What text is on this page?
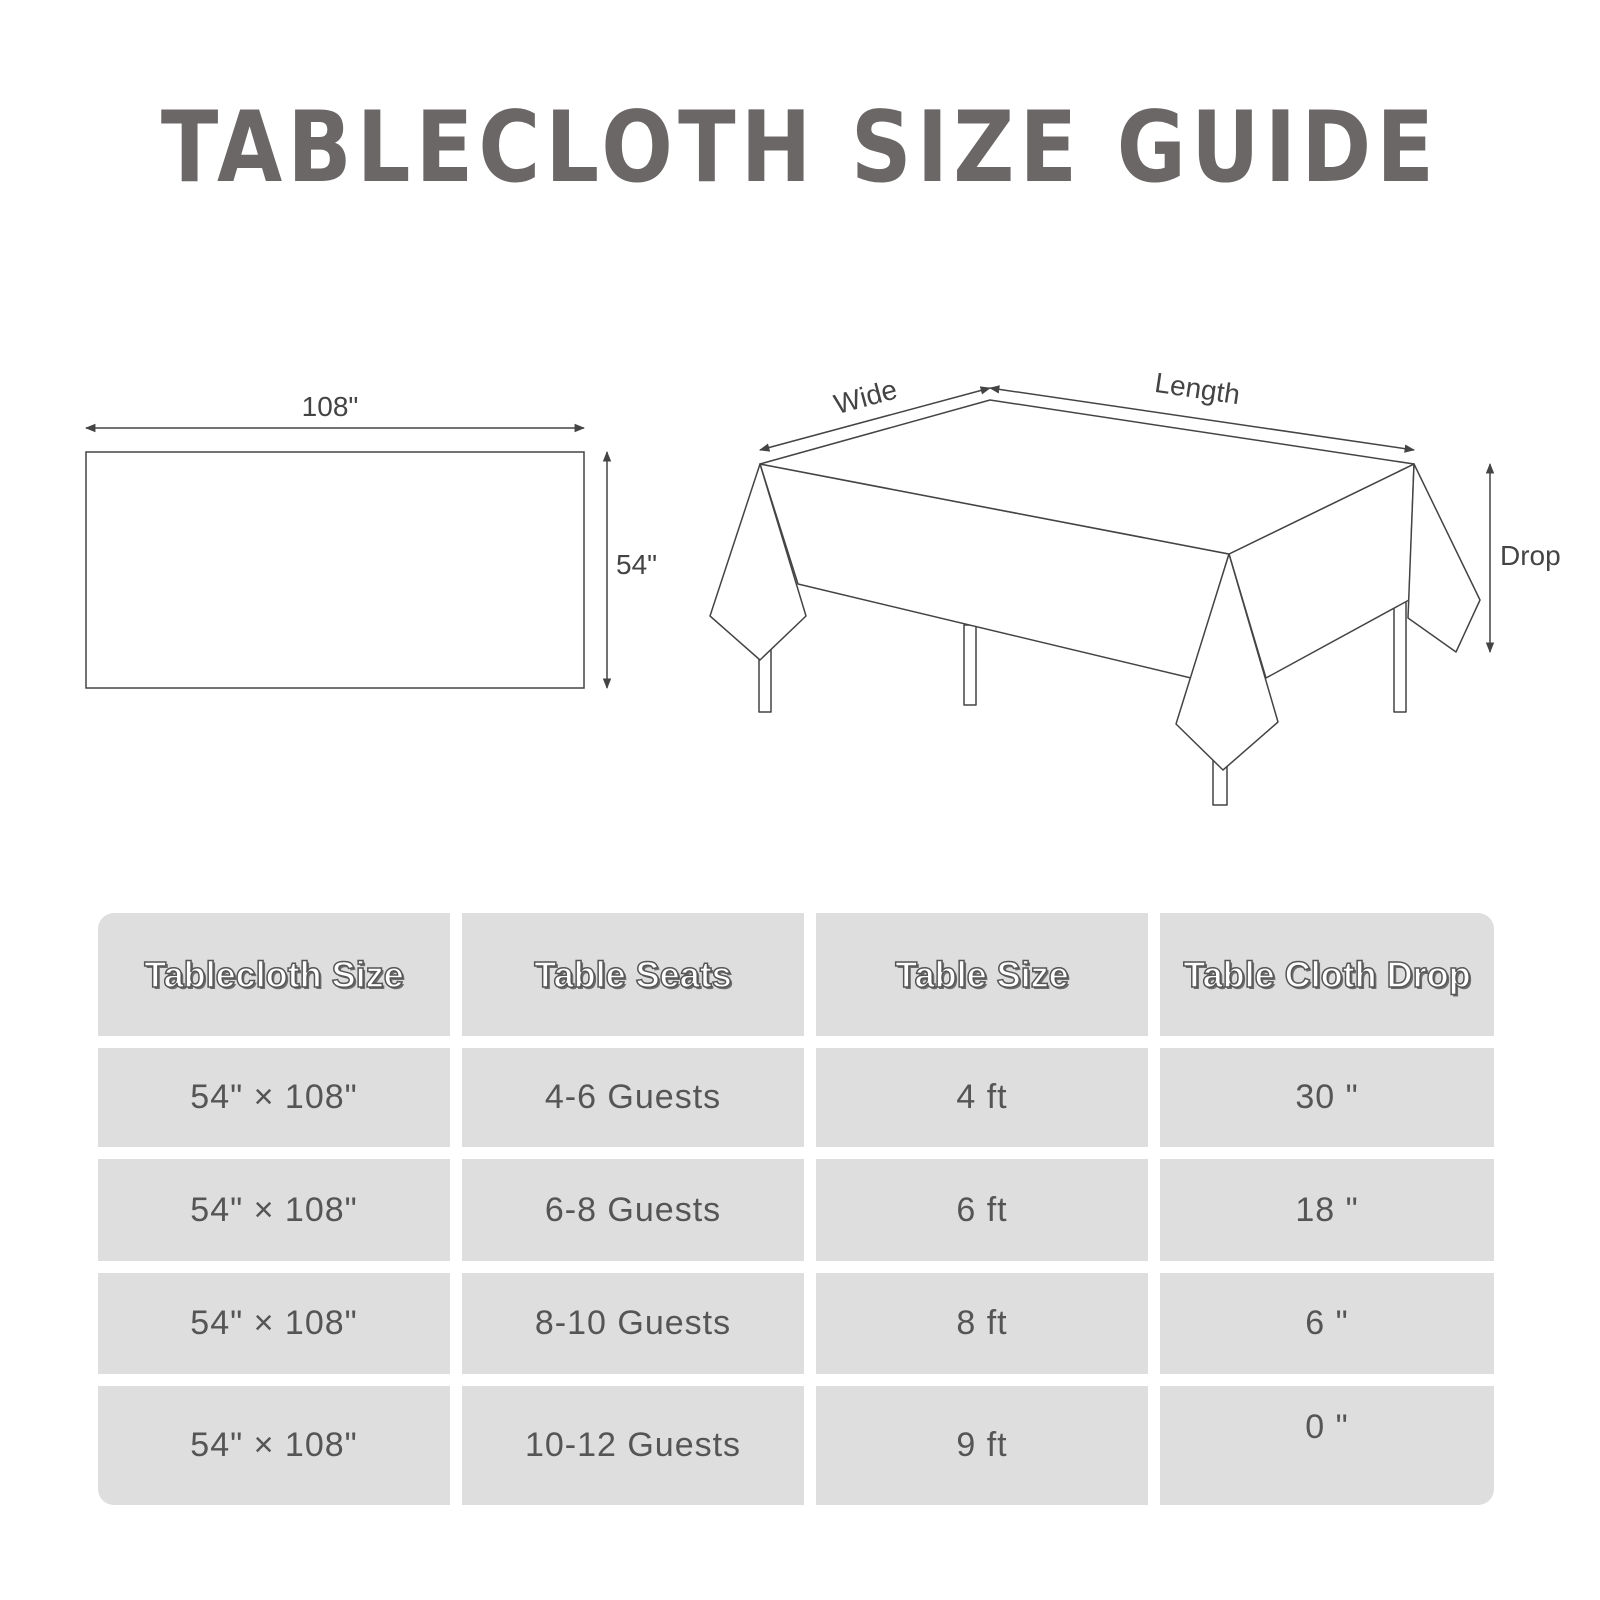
TABLECLOTH SIZE GUIDE
108"
54"
Wide	Length
Drop
Tablecloth Size	Table Seats	Table Size	Table Cloth Drop
54" × 108"	4-6 Guests	4 ft	30 "
54" × 108"	6-8 Guests	6 ft	18 "
54" × 108"	8-10 Guests	8 ft	6 "
54" × 108"	10-12 Guests	9 ft	0 "
